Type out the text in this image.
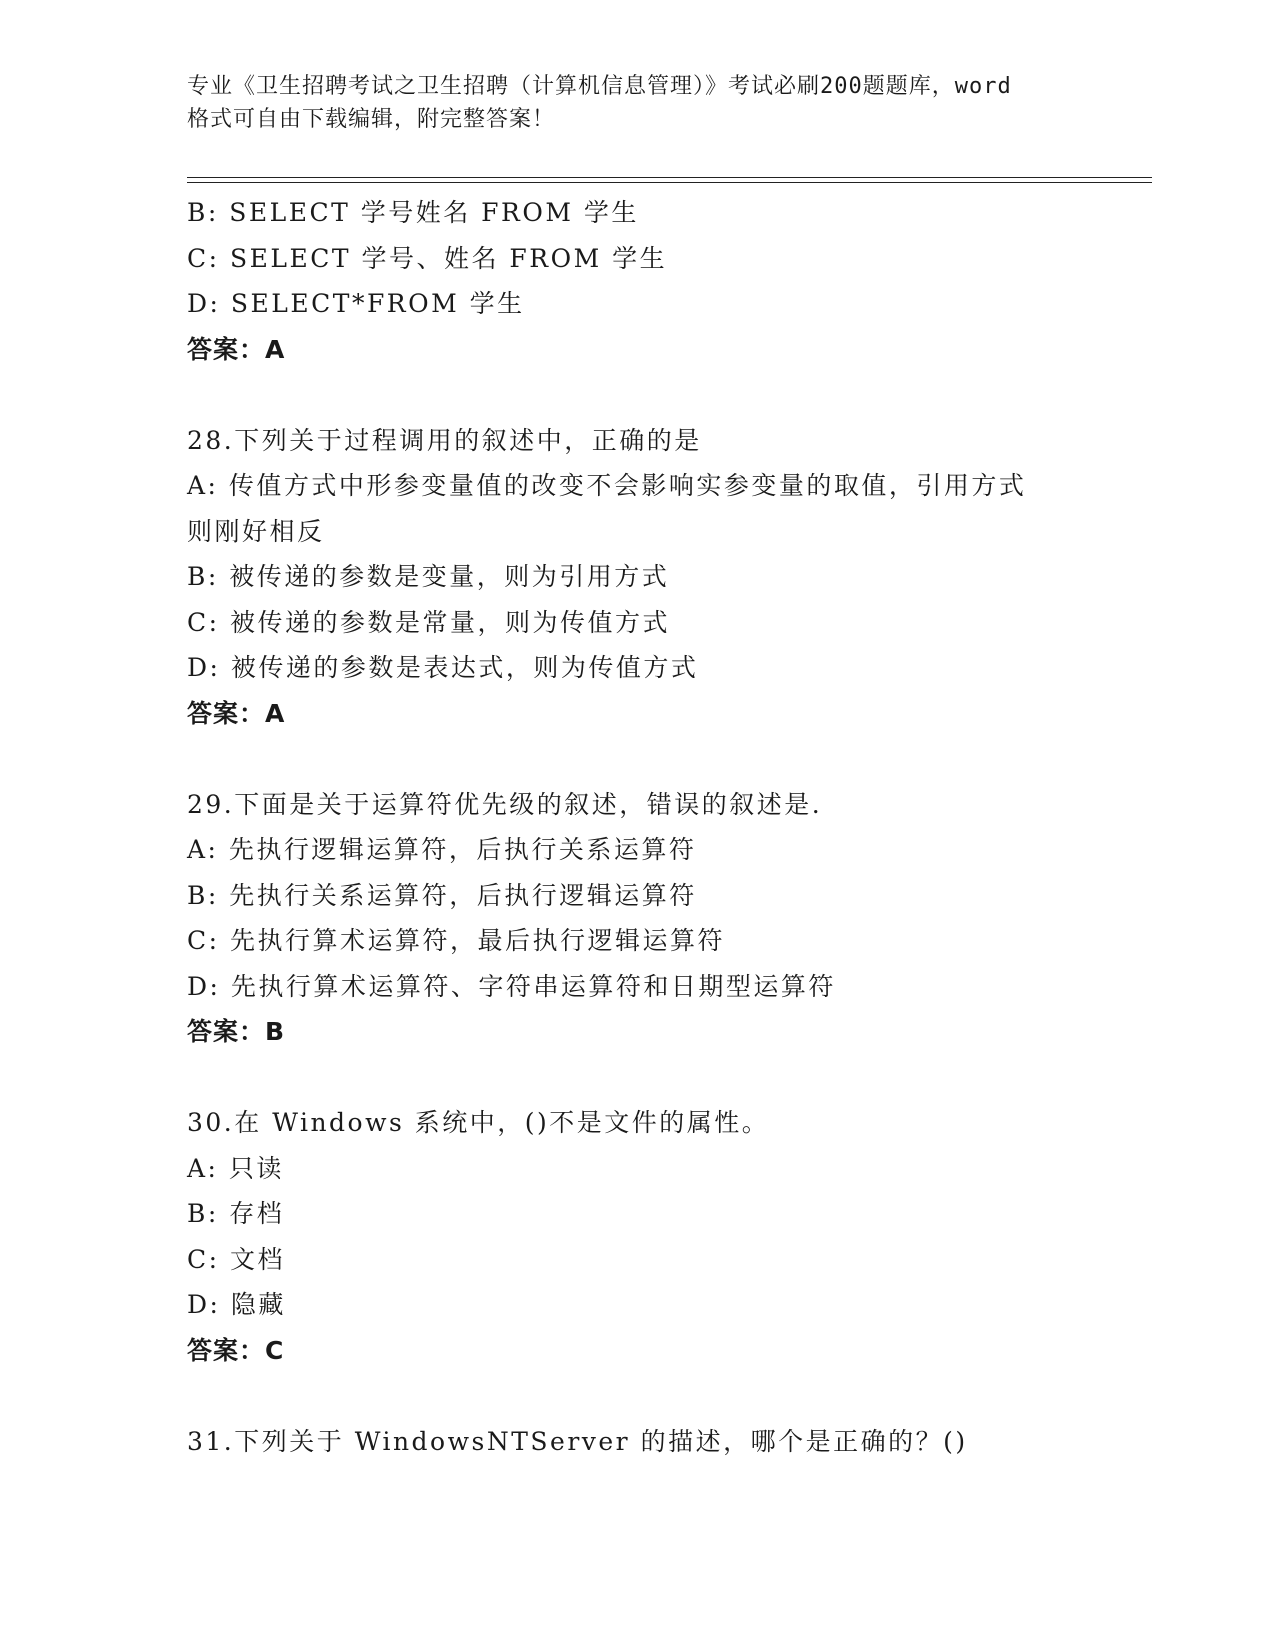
专业《卫生招聘考试之卫生招聘（计算机信息管理）》考试必刷200题题库，word
格式可自由下载编辑，附完整答案！
B: SELECT 学号姓名 FROM 学生
C: SELECT 学号、姓名 FROM 学生
D: SELECT*FROM 学生
答案：A
28.下列关于过程调用的叙述中，正确的是
A: 传值方式中形参变量值的改变不会影响实参变量的取值，引用方式则刚好相反
B: 被传递的参数是变量，则为引用方式
C: 被传递的参数是常量，则为传值方式
D: 被传递的参数是表达式，则为传值方式
答案：A
29.下面是关于运算符优先级的叙述，错误的叙述是.
A: 先执行逻辑运算符，后执行关系运算符
B: 先执行关系运算符，后执行逻辑运算符
C: 先执行算术运算符，最后执行逻辑运算符
D: 先执行算术运算符、字符串运算符和日期型运算符
答案：B
30.在 Windows 系统中，()不是文件的属性。
A: 只读
B: 存档
C: 文档
D: 隐藏
答案：C
31.下列关于 WindowsNTServer 的描述，哪个是正确的？()
